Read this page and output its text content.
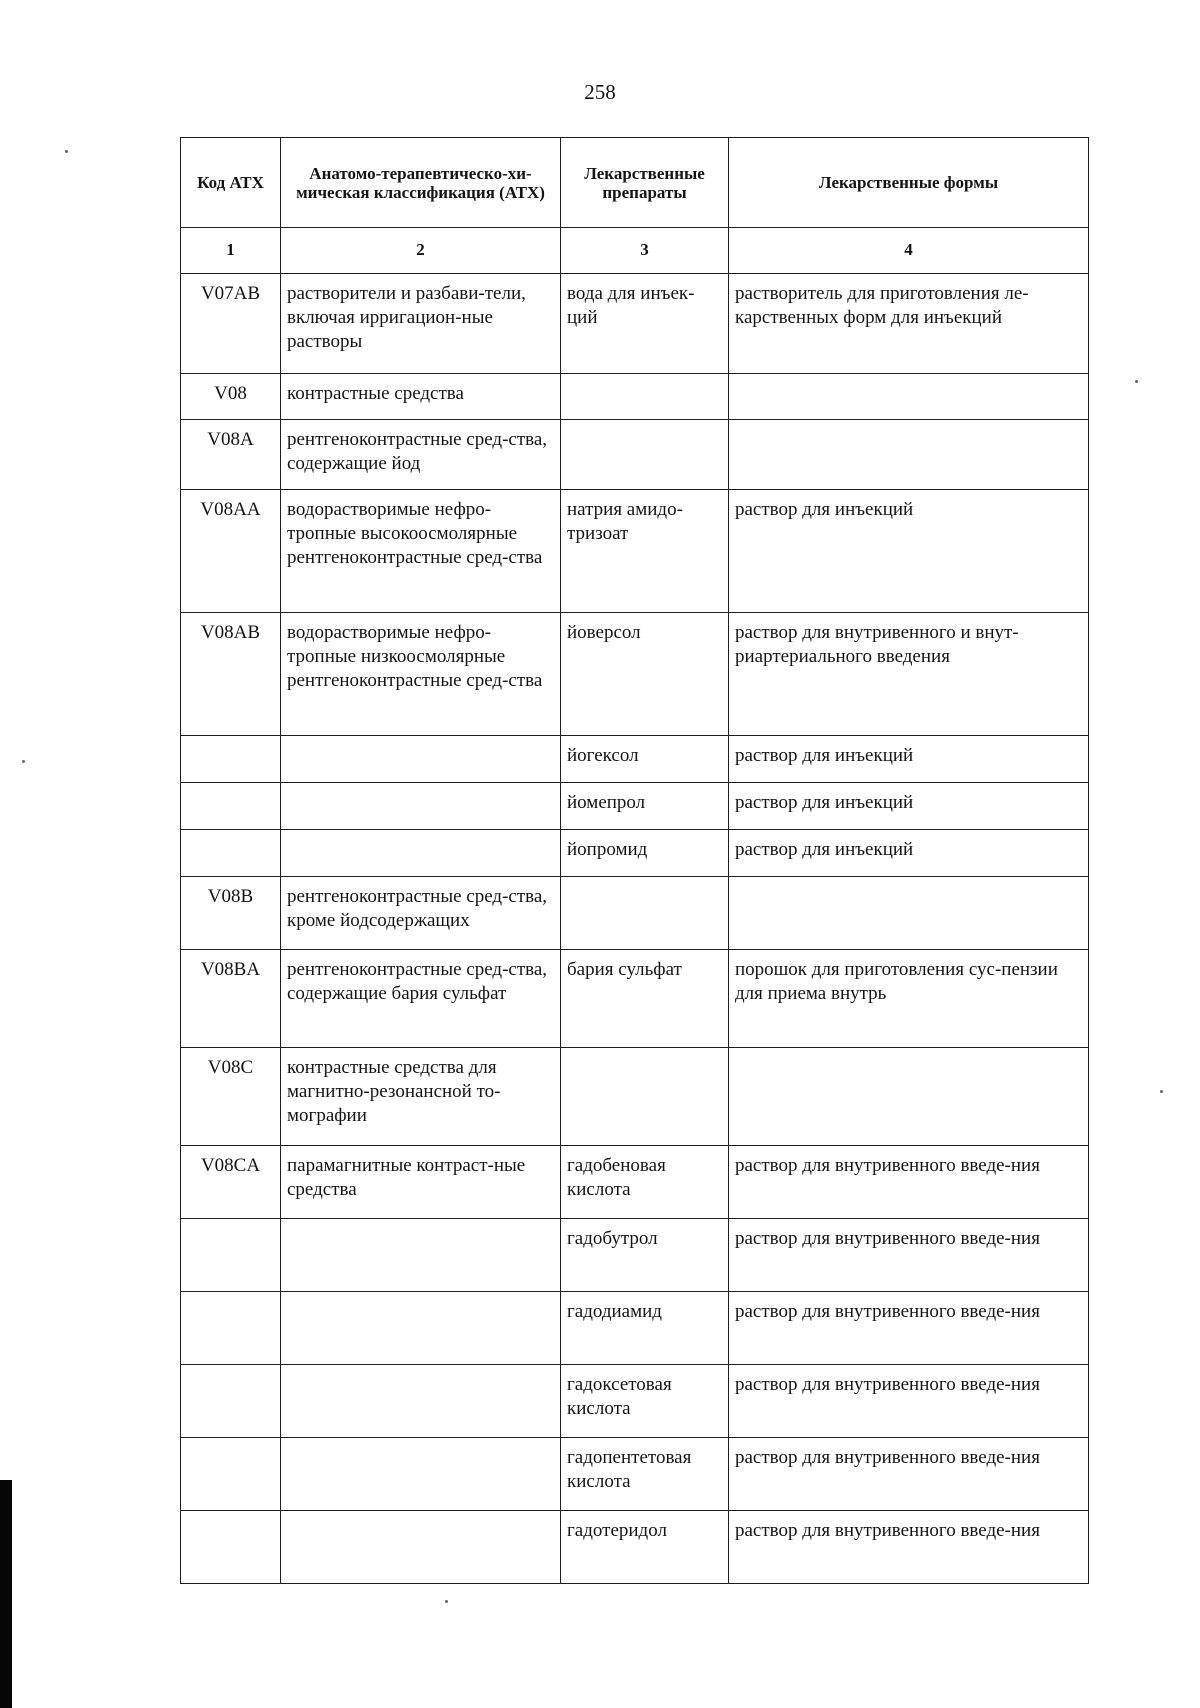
258
Код АТХ	Анатомо-терапевтическо-хи-мическая классификация (АТХ)	Лекарственные препараты	Лекарственные формы
1	2	3	4
V07AB	растворители и разбави-тели, включая ирригацион-ные растворы	вода для инъек-ций	растворитель для приготовления ле-карственных форм для инъекций
V08	контрастные средства		
V08A	рентгеноконтрастные сред-ства, содержащие йод		
V08AA	водорастворимые нефро-тропные высокоосмолярные рентгеноконтрастные сред-ства	натрия амидо-тризоат	раствор для инъекций
V08AB	водорастворимые нефро-тропные низкоосмолярные рентгеноконтрастные сред-ства	йоверсол	раствор для внутривенного и внут-риартериального введения
		йогексол	раствор для инъекций
		йомепрол	раствор для инъекций
		йопромид	раствор для инъекций
V08B	рентгеноконтрастные сред-ства, кроме йодсодержащих		
V08BA	рентгеноконтрастные сред-ства, содержащие бария сульфат	бария сульфат	порошок для приготовления сус-пензии для приема внутрь
V08C	контрастные средства для магнитно-резонансной то-мографии		
V08CA	парамагнитные контраст-ные средства	гадобеновая кислота	раствор для внутривенного введе-ния
		гадобутрол	раствор для внутривенного введе-ния
		гадодиамид	раствор для внутривенного введе-ния
		гадоксетовая кислота	раствор для внутривенного введе-ния
		гадопентетовая кислота	раствор для внутривенного введе-ния
		гадотеридол	раствор для внутривенного введе-ния
